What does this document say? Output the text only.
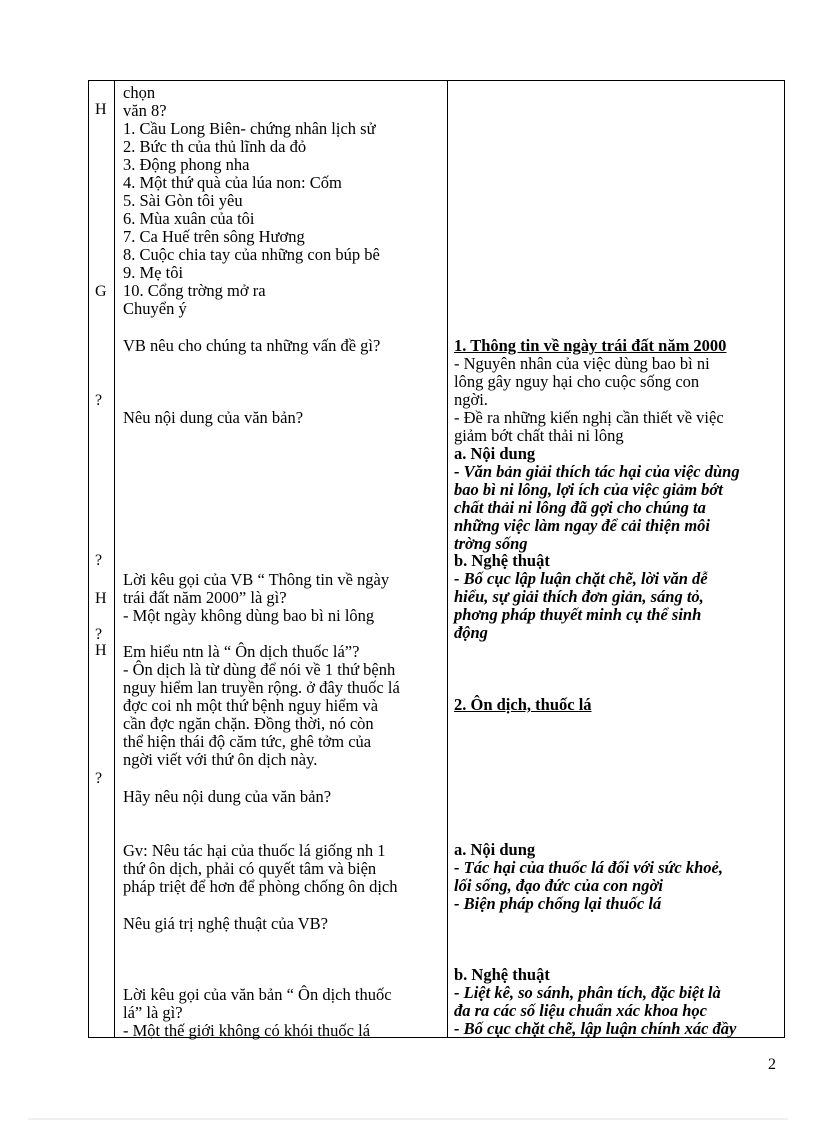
H
G
?
?
H
?
H
?
chọn
văn 8?
1. Cầu Long Biên- chứng nhân lịch sử
2. Bức th của thủ lĩnh da đỏ
3. Động phong nha
4. Một thứ quà của lúa non: Cốm
5. Sài Gòn tôi yêu
6. Mùa xuân của tôi
7. Ca Huế trên sông Hương
8. Cuộc chia tay của những con búp bê
9. Mẹ tôi
10. Cổng trờng mở ra
Chuyển ý
VB nêu cho chúng ta những vấn đề gì?
Nêu nội dung của văn bản?
Lời kêu gọi của VB “ Thông tin về ngày
trái đất năm 2000” là gì?
- Một ngày không dùng bao bì ni lông
Em hiểu ntn là “ Ôn dịch thuốc lá”?
- Ôn dịch là từ dùng để nói về 1 thứ bệnh
nguy hiểm lan truyền rộng. ở đây thuốc lá
đợc coi nh một thứ bệnh nguy hiểm và
cần đợc ngăn chặn. Đồng thời, nó còn
thể hiện thái độ căm tức, ghê tởm của
ngời viết với thứ ôn dịch này.
Hãy nêu nội dung của văn bản?
Gv: Nêu tác hại của thuốc lá giống nh 1
thứ ôn dịch, phải có quyết tâm và biện
pháp triệt để hơn để phòng chống ôn dịch
Nêu giá trị nghệ thuật của VB?
Lời kêu gọi của văn bản “ Ôn dịch thuốc
lá” là gì?
- Một thế giới không có khói thuốc lá
1. Thông tin về ngày trái đất năm 2000
- Nguyên nhân của việc dùng bao bì ni
lông gây nguy hại cho cuộc sống con
ngời.
- Đề ra những kiến nghị cần thiết về việc
giảm bớt chất thải ni lông
a. Nội dung
- Văn bản giải thích tác hại của việc dùng
bao bì ni lông, lợi ích của việc giảm bớt
chất thải ni lông đã gợi cho chúng ta
những việc làm ngay để cải thiện môi
trờng sống
b. Nghệ thuật
- Bố cục lập luận chặt chẽ, lời văn dễ
hiểu, sự giải thích đơn giản, sáng tỏ,
phơng pháp thuyết minh cụ thể sinh
động
2. Ôn dịch, thuốc lá
a. Nội dung
- Tác hại của thuốc lá đối với sức khoẻ,
lối sống, đạo đức của con ngời
- Biện pháp chống lại thuốc lá
b. Nghệ thuật
- Liệt kê, so sánh, phân tích, đặc biệt là
đa ra các số liệu chuẩn xác khoa học
- Bố cục chặt chẽ, lập luận chính xác đầy
2
